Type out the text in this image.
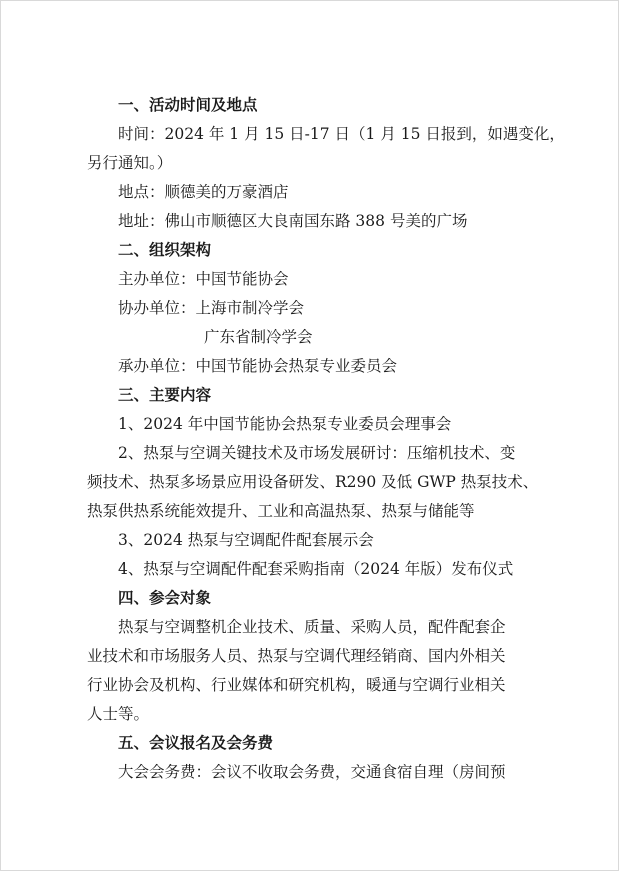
一、活动时间及地点
时间：2024 年 1 月 15 日-17 日（1 月 15 日报到，如遇变化，
另行通知。）
地点：顺德美的万豪酒店
地址：佛山市顺德区大良南国东路 388 号美的广场
二、组织架构
主办单位：中国节能协会
协办单位：上海市制冷学会
广东省制冷学会
承办单位：中国节能协会热泵专业委员会
三、主要内容
1、2024 年中国节能协会热泵专业委员会理事会
2、热泵与空调关键技术及市场发展研讨：压缩机技术、变
频技术、热泵多场景应用设备研发、R290 及低 GWP 热泵技术、
热泵供热系统能效提升、工业和高温热泵、热泵与储能等
3、2024 热泵与空调配件配套展示会
4、热泵与空调配件配套采购指南（2024 年版）发布仪式
四、参会对象
热泵与空调整机企业技术、质量、采购人员，配件配套企
业技术和市场服务人员、热泵与空调代理经销商、国内外相关
行业协会及机构、行业媒体和研究机构，暖通与空调行业相关
人士等。
五、会议报名及会务费
大会会务费：会议不收取会务费，交通食宿自理（房间预
